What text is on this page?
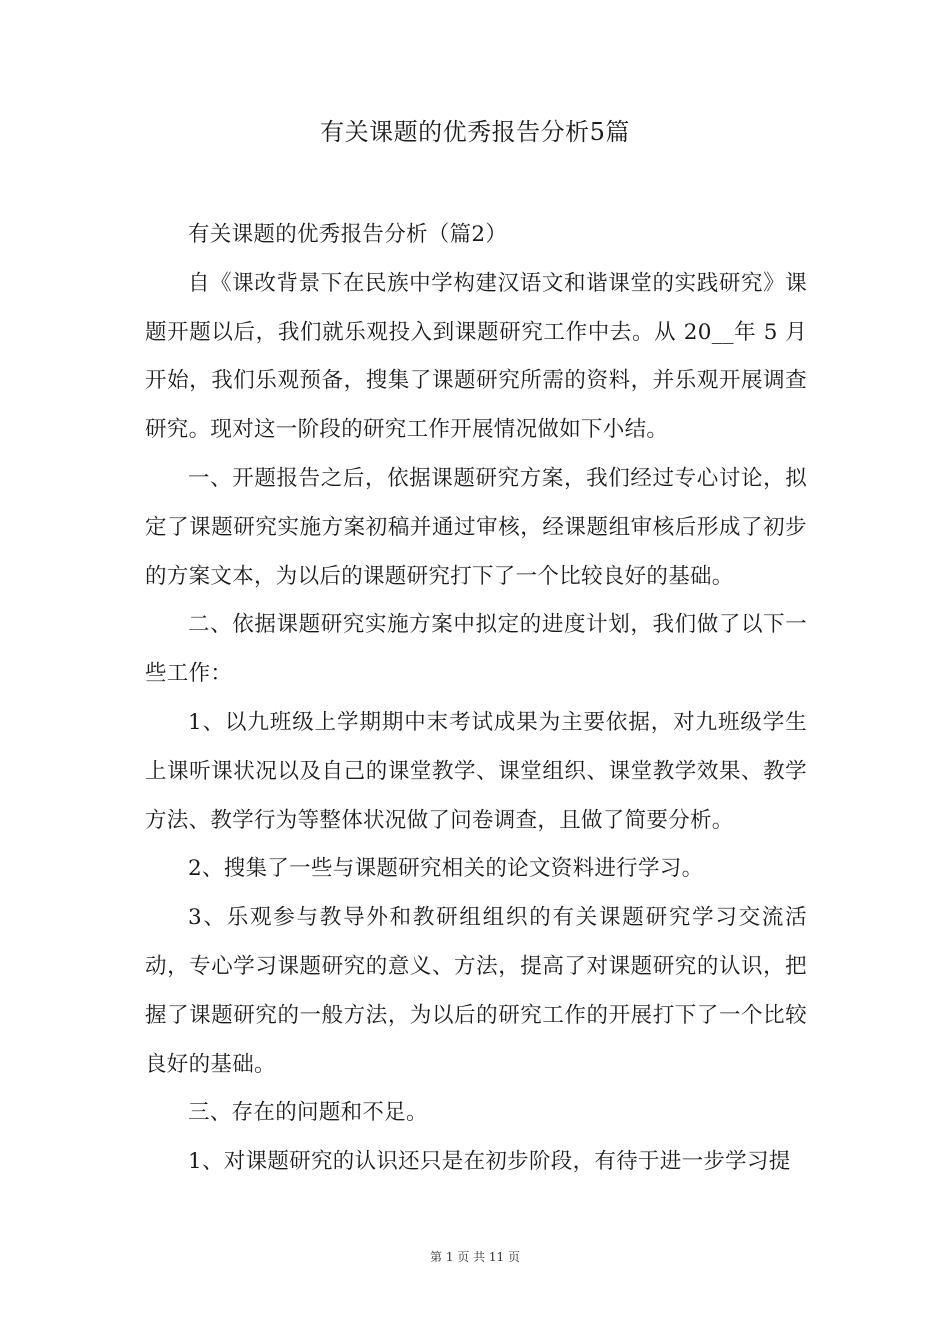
有关课题的优秀报告分析5篇

有关课题的优秀报告分析（篇2）

自《课改背景下在民族中学构建汉语文和谐课堂的实践研究》课题开题以后，我们就乐观投入到课题研究工作中去。从 20__年 5 月开始，我们乐观预备，搜集了课题研究所需的资料，并乐观开展调查研究。现对这一阶段的研究工作开展情况做如下小结。

一、开题报告之后，依据课题研究方案，我们经过专心讨论，拟定了课题研究实施方案初稿并通过审核，经课题组审核后形成了初步的方案文本，为以后的课题研究打下了一个比较良好的基础。

二、依据课题研究实施方案中拟定的进度计划，我们做了以下一些工作：

1、以九班级上学期期中末考试成果为主要依据，对九班级学生上课听课状况以及自己的课堂教学、课堂组织、课堂教学效果、教学方法、教学行为等整体状况做了问卷调查，且做了简要分析。

2、搜集了一些与课题研究相关的论文资料进行学习。

3、乐观参与教导外和教研组组织的有关课题研究学习交流活动，专心学习课题研究的意义、方法，提高了对课题研究的认识，把握了课题研究的一般方法，为以后的研究工作的开展打下了一个比较良好的基础。

三、存在的问题和不足。

1、对课题研究的认识还只是在初步阶段，有待于进一步学习提

第 1 页 共 11 页
